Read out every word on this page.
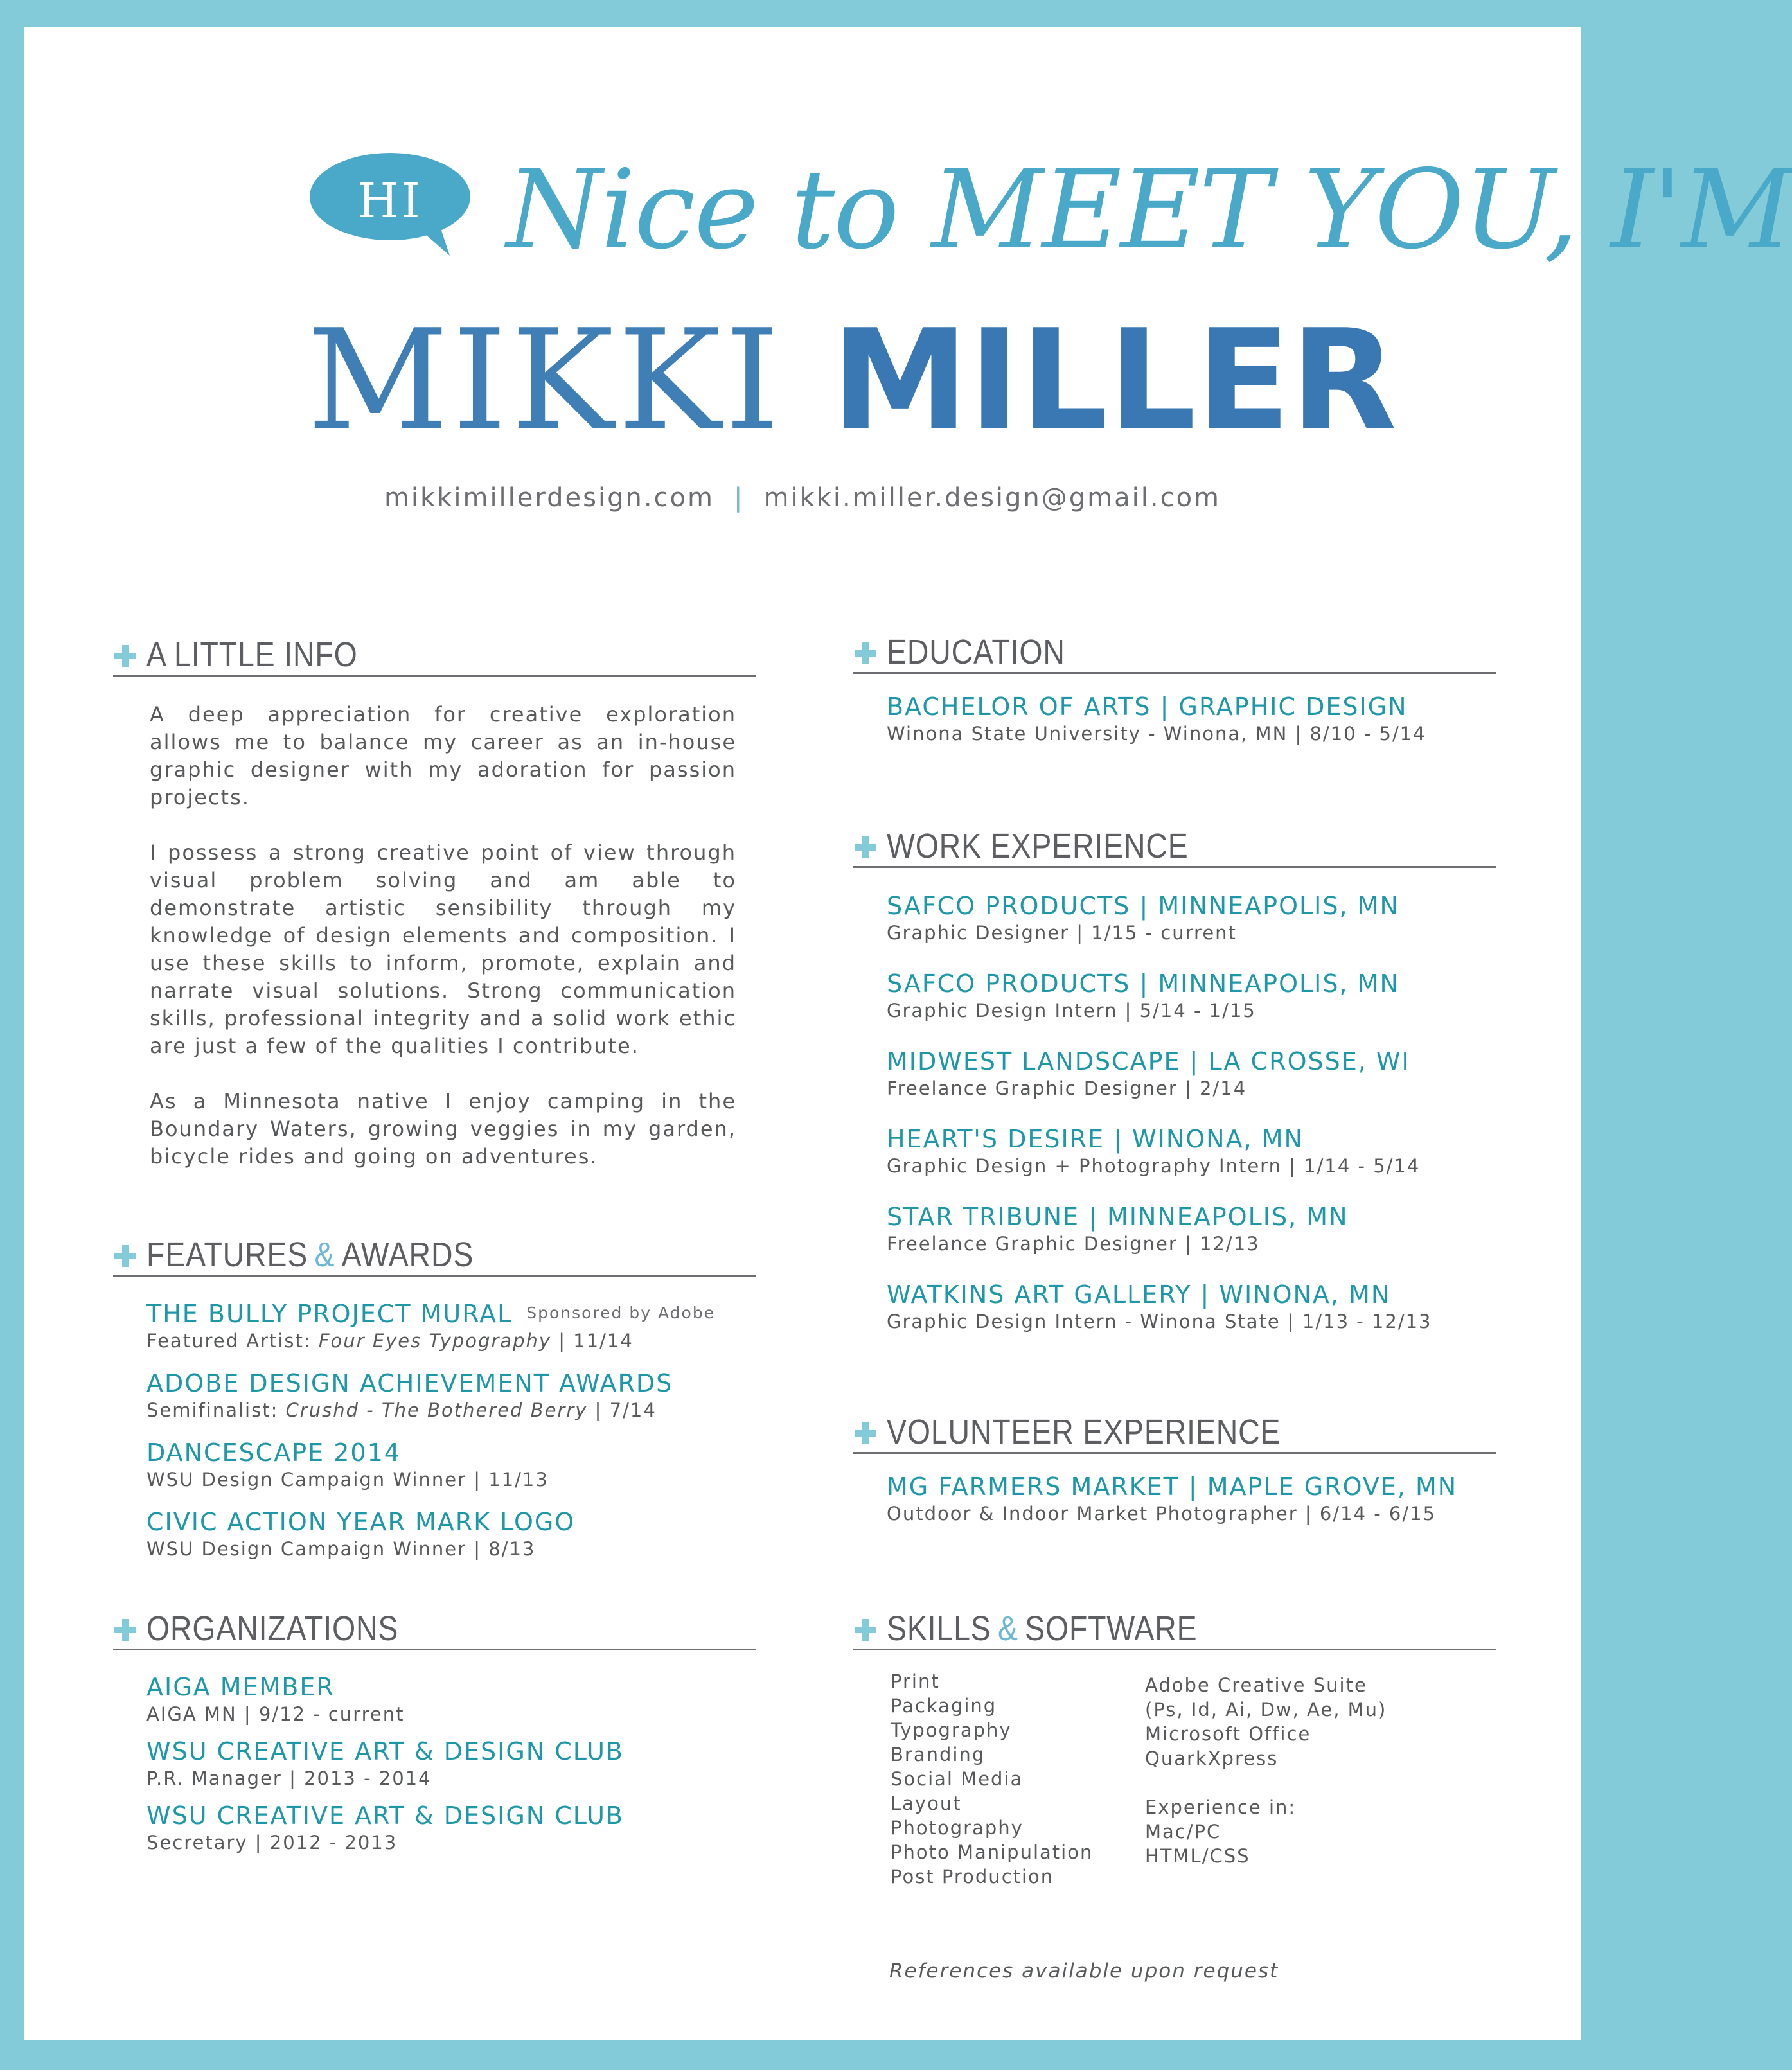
HI Nice to MEET YOU, I'M
MIKKI MILLER
mikkimillerdesign.com | mikki.miller.design@gmail.com
A LITTLE INFO

A deep appreciation for creative exploration allows me to balance my career as an in-house graphic designer with my adoration for passion projects.

I possess a strong creative point of view through visual problem solving and am able to demonstrate artistic sensibility through my knowledge of design elements and composition. I use these skills to inform, promote, explain and narrate visual solutions. Strong communication skills, professional integrity and a solid work ethic are just a few of the qualities I contribute.

As a Minnesota native I enjoy camping in the Boundary Waters, growing veggies in my garden, bicycle rides and going on adventures.

FEATURES & AWARDS
THE BULLY PROJECT MURAL Sponsored by Adobe
Featured Artist: Four Eyes Typography | 11/14
ADOBE DESIGN ACHIEVEMENT AWARDS
Semifinalist: Crushd - The Bothered Berry | 7/14
DANCESCAPE 2014
WSU Design Campaign Winner | 11/13
CIVIC ACTION YEAR MARK LOGO
WSU Design Campaign Winner | 8/13
ORGANIZATIONS
AIGA MEMBER
AIGA MN | 9/12 - current
WSU CREATIVE ART & DESIGN CLUB
P.R. Manager | 2013 - 2014
WSU CREATIVE ART & DESIGN CLUB
Secretary | 2012 - 2013
EDUCATION
BACHELOR OF ARTS | GRAPHIC DESIGN
Winona State University - Winona, MN | 8/10 - 5/14
WORK EXPERIENCE
SAFCO PRODUCTS | MINNEAPOLIS, MN
Graphic Designer | 1/15 - current
SAFCO PRODUCTS | MINNEAPOLIS, MN
Graphic Design Intern | 5/14 - 1/15
MIDWEST LANDSCAPE | LA CROSSE, WI
Freelance Graphic Designer | 2/14
HEART'S DESIRE | WINONA, MN
Graphic Design + Photography Intern | 1/14 - 5/14
STAR TRIBUNE | MINNEAPOLIS, MN
Freelance Graphic Designer | 12/13
WATKINS ART GALLERY | WINONA, MN
Graphic Design Intern - Winona State | 1/13 - 12/13
VOLUNTEER EXPERIENCE
MG FARMERS MARKET | MAPLE GROVE, MN
Outdoor & Indoor Market Photographer | 6/14 - 6/15
SKILLS & SOFTWARE
Print
Packaging
Typography
Branding
Social Media
Layout
Photography
Photo Manipulation
Post Production
Adobe Creative Suite
(Ps, Id, Ai, Dw, Ae, Mu)
Microsoft Office
QuarkXpress
Experience in:
Mac/PC
HTML/CSS
References available upon request
